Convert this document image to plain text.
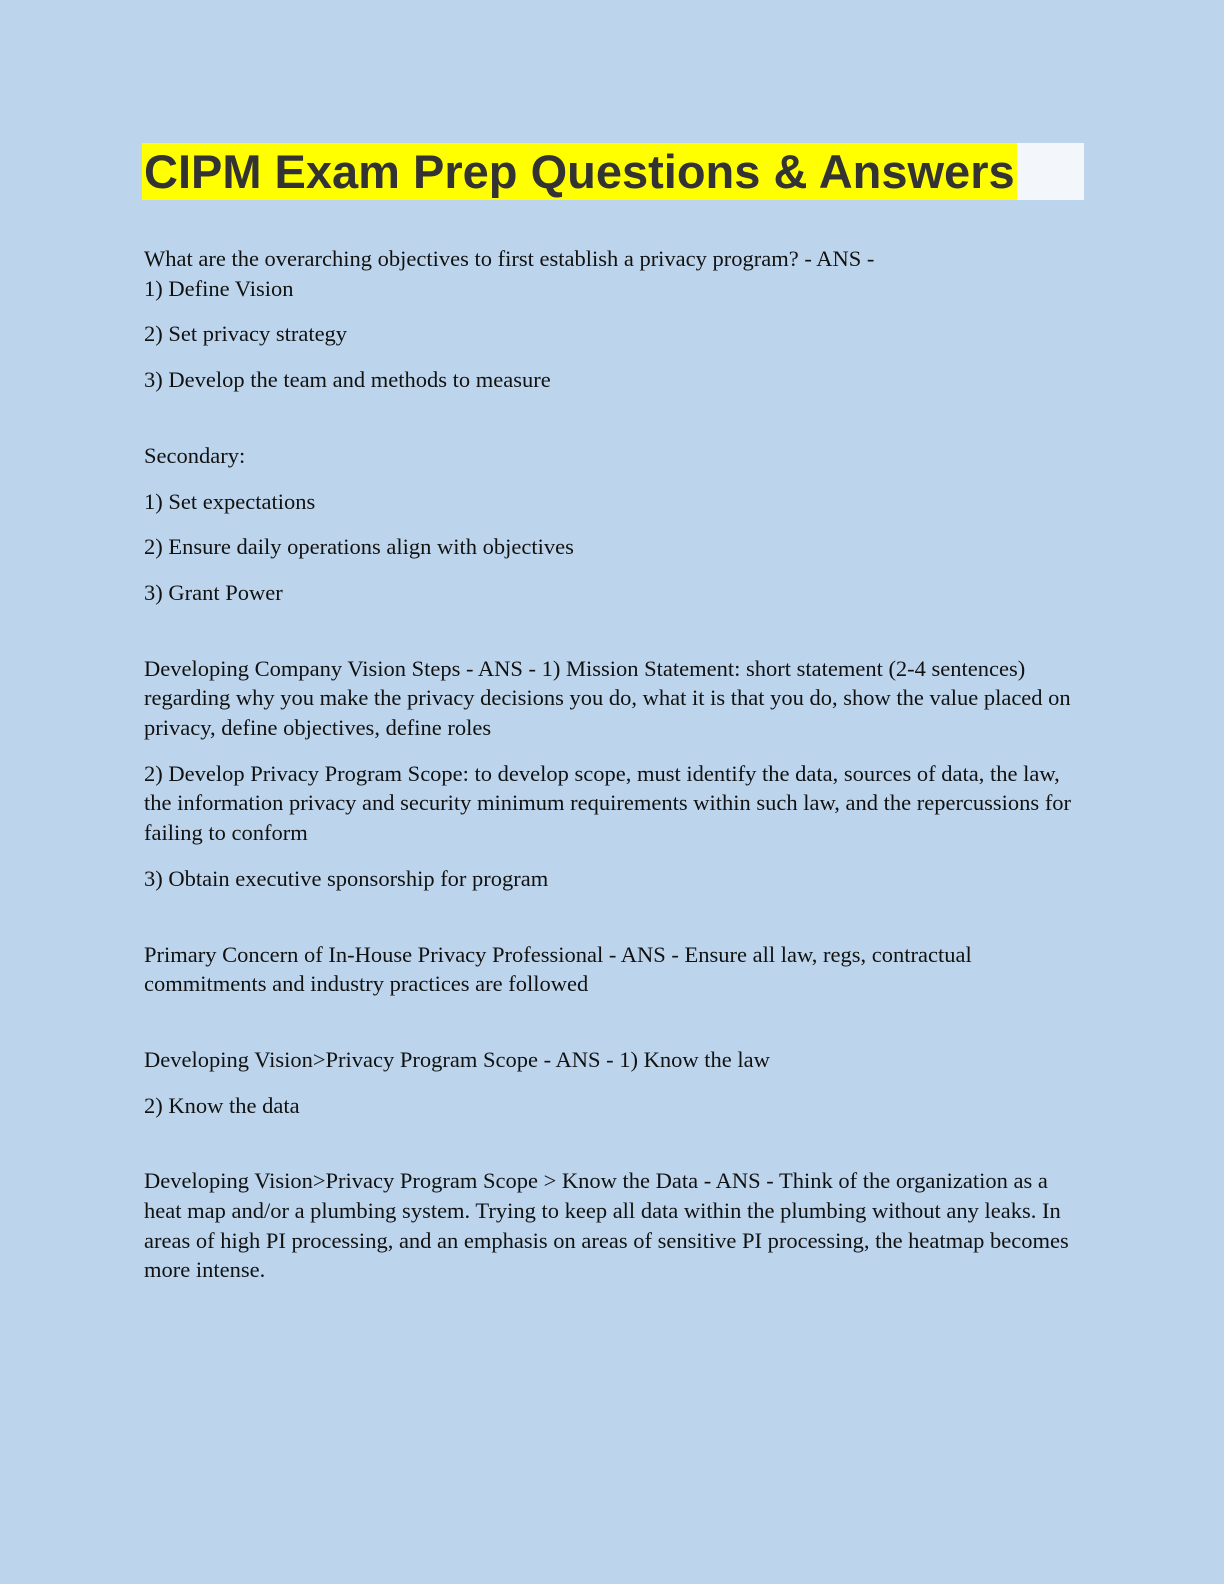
CIPM Exam Prep Questions & Answers

What are the overarching objectives to first establish a privacy program? - ANS -

1) Define Vision

2) Set privacy strategy

3) Develop the team and methods to measure

Secondary:

1) Set expectations

2) Ensure daily operations align with objectives

3) Grant Power

Developing Company Vision Steps - ANS - 1) Mission Statement: short statement (2-4 sentences) regarding why you make the privacy decisions you do, what it is that you do, show the value placed on privacy, define objectives, define roles

2) Develop Privacy Program Scope: to develop scope, must identify the data, sources of data, the law, the information privacy and security minimum requirements within such law, and the repercussions for failing to conform

3) Obtain executive sponsorship for program

Primary Concern of In-House Privacy Professional - ANS - Ensure all law, regs, contractual commitments and industry practices are followed

Developing Vision>Privacy Program Scope - ANS - 1) Know the law

2) Know the data

Developing Vision>Privacy Program Scope > Know the Data - ANS - Think of the organization as a heat map and/or a plumbing system. Trying to keep all data within the plumbing without any leaks. In areas of high PI processing, and an emphasis on areas of sensitive PI processing, the heatmap becomes more intense.
